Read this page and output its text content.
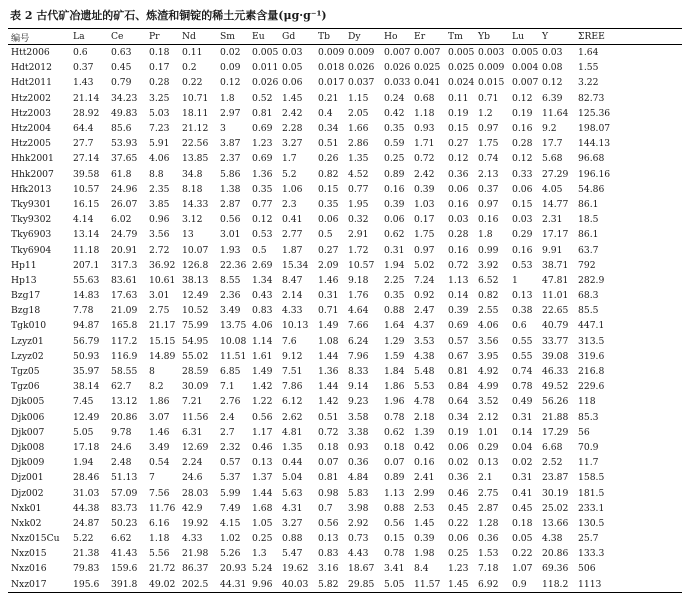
表 2 古代矿冶遗址的矿石、炼渣和铜锭的稀土元素含量(μg·g⁻¹)
编号	La	Ce	Pr	Nd	Sm	Eu	Gd	Tb	Dy	Ho	Er	Tm	Yb	Lu	Y	ΣREE
Htt2006	0.6	0.63	0.18	0.11	0.02	0.005	0.03	0.009	0.009	0.007	0.007	0.005	0.003	0.005	0.03	1.64
Hdt2012	0.37	0.45	0.17	0.2	0.09	0.011	0.05	0.018	0.026	0.026	0.025	0.025	0.009	0.004	0.08	1.55
Hdt2011	1.43	0.79	0.28	0.22	0.12	0.026	0.06	0.017	0.037	0.033	0.041	0.024	0.015	0.007	0.12	3.22
Htz2002	21.14	34.23	3.25	10.71	1.8	0.52	1.45	0.21	1.15	0.24	0.68	0.11	0.71	0.12	6.39	82.73
Htz2003	28.92	49.83	5.03	18.11	2.97	0.81	2.42	0.4	2.05	0.42	1.18	0.19	1.2	0.19	11.64	125.36
Htz2004	64.4	85.6	7.23	21.12	3	0.69	2.28	0.34	1.66	0.35	0.93	0.15	0.97	0.16	9.2	198.07
Htz2005	27.7	53.93	5.91	22.56	3.87	1.23	3.27	0.51	2.86	0.59	1.71	0.27	1.75	0.28	17.7	144.13
Hhk2001	27.14	37.65	4.06	13.85	2.37	0.69	1.7	0.26	1.35	0.25	0.72	0.12	0.74	0.12	5.68	96.68
Hhk2007	39.58	61.8	8.8	34.8	5.86	1.36	5.2	0.82	4.52	0.89	2.42	0.36	2.13	0.33	27.29	196.16
Hfk2013	10.57	24.96	2.35	8.18	1.38	0.35	1.06	0.15	0.77	0.16	0.39	0.06	0.37	0.06	4.05	54.86
Tky9301	16.15	26.07	3.85	14.33	2.87	0.77	2.3	0.35	1.95	0.39	1.03	0.16	0.97	0.15	14.77	86.1
Tky9302	4.14	6.02	0.96	3.12	0.56	0.12	0.41	0.06	0.32	0.06	0.17	0.03	0.16	0.03	2.31	18.5
Tky6903	13.14	24.79	3.56	13	3.01	0.53	2.77	0.5	2.91	0.62	1.75	0.28	1.8	0.29	17.17	86.1
Tky6904	11.18	20.91	2.72	10.07	1.93	0.5	1.87	0.27	1.72	0.31	0.97	0.16	0.99	0.16	9.91	63.7
Hp11	207.1	317.3	36.92	126.8	22.36	2.69	15.34	2.09	10.57	1.94	5.02	0.72	3.92	0.53	38.71	792
Hp13	55.63	83.61	10.61	38.13	8.55	1.34	8.47	1.46	9.18	2.25	7.24	1.13	6.52	1	47.81	282.9
Bzg17	14.83	17.63	3.01	12.49	2.36	0.43	2.14	0.31	1.76	0.35	0.92	0.14	0.82	0.13	11.01	68.3
Bzg18	7.78	21.09	2.75	10.52	3.49	0.83	4.33	0.71	4.64	0.88	2.47	0.39	2.55	0.38	22.65	85.5
Tgk010	94.87	165.8	21.17	75.99	13.75	4.06	10.13	1.49	7.66	1.64	4.37	0.69	4.06	0.6	40.79	447.1
Lzyz01	56.79	117.2	15.15	54.95	10.08	1.14	7.6	1.08	6.24	1.29	3.53	0.57	3.56	0.55	33.77	313.5
Lzyz02	50.93	116.9	14.89	55.02	11.51	1.61	9.12	1.44	7.96	1.59	4.38	0.67	3.95	0.55	39.08	319.6
Tgz05	35.97	58.55	8	28.59	6.85	1.49	7.51	1.36	8.33	1.84	5.48	0.81	4.92	0.74	46.33	216.8
Tgz06	38.14	62.7	8.2	30.09	7.1	1.42	7.86	1.44	9.14	1.86	5.53	0.84	4.99	0.78	49.52	229.6
Djk005	7.45	13.12	1.86	7.21	2.76	1.22	6.12	1.42	9.23	1.96	4.78	0.64	3.52	0.49	56.26	118
Djk006	12.49	20.86	3.07	11.56	2.4	0.56	2.62	0.51	3.58	0.78	2.18	0.34	2.12	0.31	21.88	85.3
Djk007	5.05	9.78	1.46	6.31	2.7	1.17	4.81	0.72	3.38	0.62	1.39	0.19	1.01	0.14	17.29	56
Djk008	17.18	24.6	3.49	12.69	2.32	0.46	1.35	0.18	0.93	0.18	0.42	0.06	0.29	0.04	6.68	70.9
Djk009	1.94	2.48	0.54	2.24	0.57	0.13	0.44	0.07	0.36	0.07	0.16	0.02	0.13	0.02	2.52	11.7
Djz001	28.46	51.13	7	24.6	5.37	1.37	5.04	0.81	4.84	0.89	2.41	0.36	2.1	0.31	23.87	158.5
Djz002	31.03	57.09	7.56	28.03	5.99	1.44	5.63	0.98	5.83	1.13	2.99	0.46	2.75	0.41	30.19	181.5
Nxk01	44.38	83.73	11.76	42.9	7.49	1.68	4.31	0.7	3.98	0.88	2.53	0.45	2.87	0.45	25.02	233.1
Nxk02	24.87	50.23	6.16	19.92	4.15	1.05	3.27	0.56	2.92	0.56	1.45	0.22	1.28	0.18	13.66	130.5
Nxz015Cu	5.22	6.62	1.18	4.33	1.02	0.25	0.88	0.13	0.73	0.15	0.39	0.06	0.36	0.05	4.38	25.7
Nxz015	21.38	41.43	5.56	21.98	5.26	1.3	5.47	0.83	4.43	0.78	1.98	0.25	1.53	0.22	20.86	133.3
Nxz016	79.83	159.6	21.72	86.37	20.93	5.24	19.62	3.16	18.67	3.41	8.4	1.23	7.18	1.07	69.36	506
Nxz017	195.6	391.8	49.02	202.5	44.31	9.96	40.03	5.82	29.85	5.05	11.57	1.45	6.92	0.9	118.2	1113
